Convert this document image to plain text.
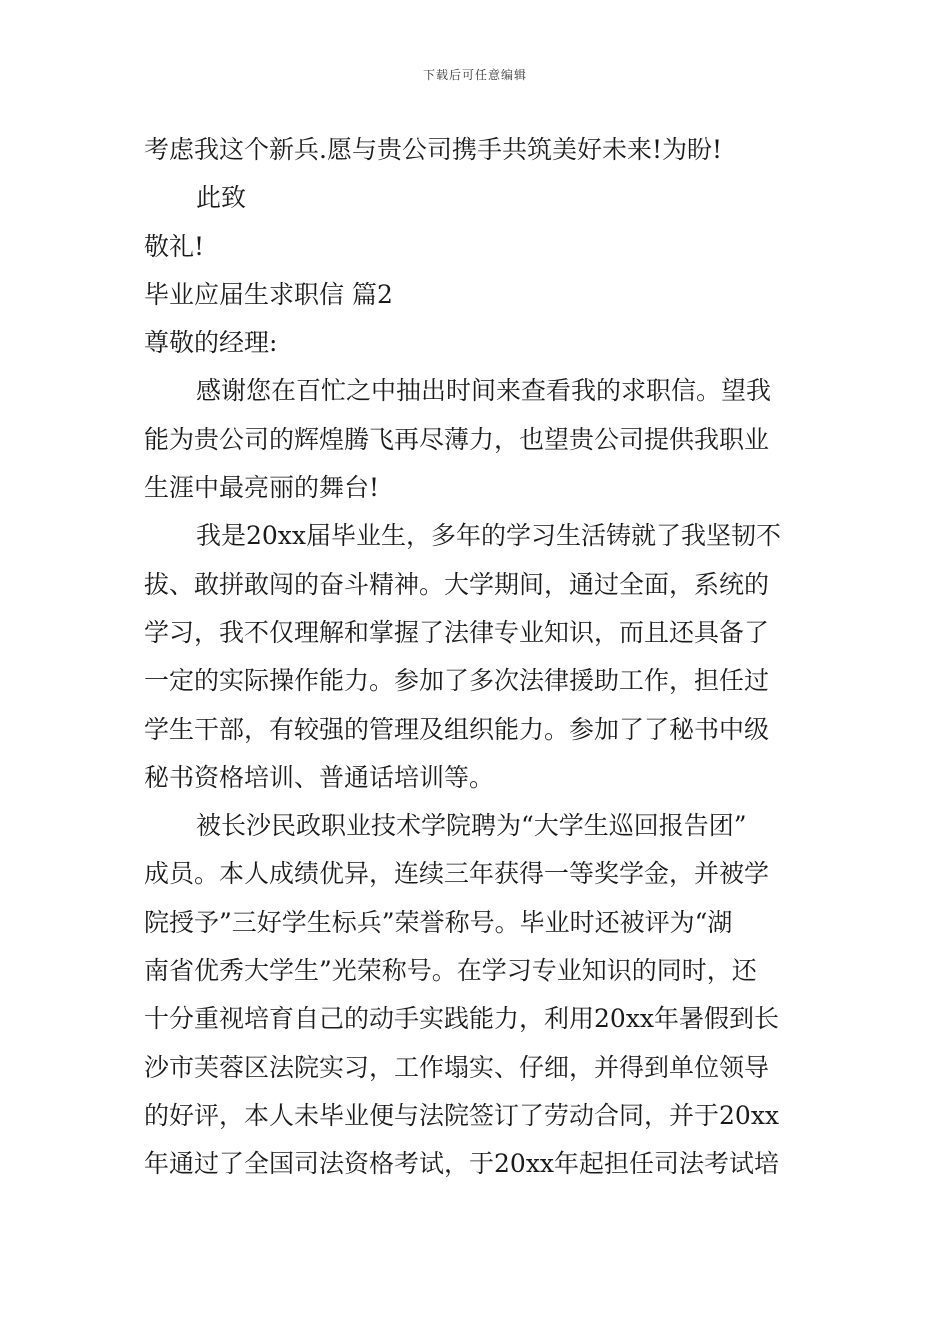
下载后可任意编辑
考虑我这个新兵.愿与贵公司携手共筑美好未来!为盼!
此致
敬礼!
毕业应届生求职信 篇2
尊敬的经理:
感谢您在百忙之中抽出时间来查看我的求职信。望我
能为贵公司的辉煌腾飞再尽薄力，也望贵公司提供我职业
生涯中最亮丽的舞台!
我是20xx届毕业生，多年的学习生活铸就了我坚韧不
拔、敢拼敢闯的奋斗精神。大学期间，通过全面，系统的
学习，我不仅理解和掌握了法律专业知识，而且还具备了
一定的实际操作能力。参加了多次法律援助工作，担任过
学生干部，有较强的管理及组织能力。参加了了秘书中级
秘书资格培训、普通话培训等。
被长沙民政职业技术学院聘为“大学生巡回报告团”
成员。本人成绩优异，连续三年获得一等奖学金，并被学
院授予”三好学生标兵”荣誉称号。毕业时还被评为“湖
南省优秀大学生”光荣称号。在学习专业知识的同时，还
十分重视培育自己的动手实践能力，利用20xx年暑假到长
沙市芙蓉区法院实习，工作塌实、仔细，并得到单位领导
的好评，本人未毕业便与法院签订了劳动合同，并于20xx
年通过了全国司法资格考试，于20xx年起担任司法考试培
